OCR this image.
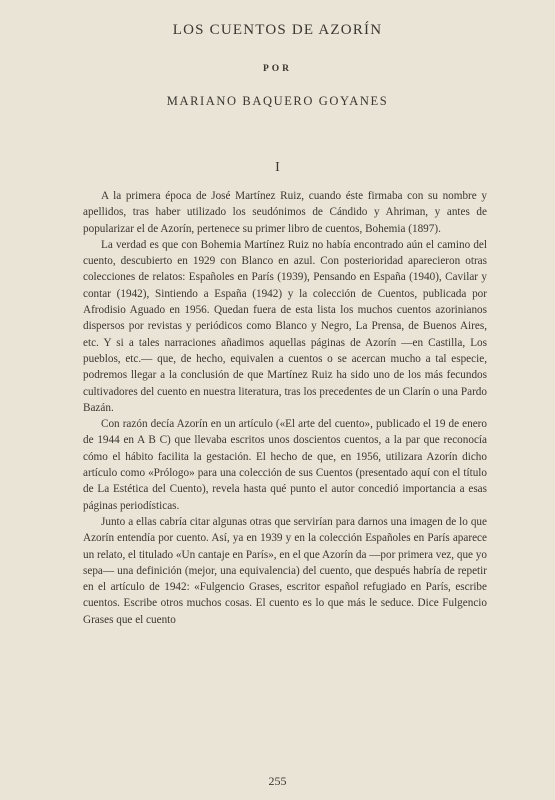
LOS CUENTOS DE AZORÍN
POR
MARIANO BAQUERO GOYANES
I

A la primera época de José Martínez Ruiz, cuando éste firmaba con su nombre y apellidos, tras haber utilizado los seudónimos de Cándido y Ahriman, y antes de popularizar el de Azorín, pertenece su primer libro de cuentos, Bohemia (1897).

La verdad es que con Bohemia Martínez Ruiz no había encontrado aún el camino del cuento, descubierto en 1929 con Blanco en azul. Con posterioridad aparecieron otras colecciones de relatos: Españoles en París (1939), Pensando en España (1940), Cavilar y contar (1942), Sintiendo a España (1942) y la colección de Cuentos, publicada por Afrodisio Aguado en 1956. Quedan fuera de esta lista los muchos cuentos azorinianos dispersos por revistas y periódicos como Blanco y Negro, La Prensa, de Buenos Aires, etc. Y si a tales narraciones añadimos aquellas páginas de Azorín —en Castilla, Los pueblos, etc.— que, de hecho, equivalen a cuentos o se acercan mucho a tal especie, podremos llegar a la conclusión de que Martínez Ruiz ha sido uno de los más fecundos cultivadores del cuento en nuestra literatura, tras los precedentes de un Clarín o una Pardo Bazán.

Con razón decía Azorín en un artículo («El arte del cuento», publicado el 19 de enero de 1944 en A B C) que llevaba escritos unos doscientos cuentos, a la par que reconocía cómo el hábito facilita la gestación. El hecho de que, en 1956, utilizara Azorín dicho artículo como «Prólogo» para una colección de sus Cuentos (presentado aquí con el título de La Estética del Cuento), revela hasta qué punto el autor concedió importancia a esas páginas periodísticas.

Junto a ellas cabría citar algunas otras que servirían para darnos una imagen de lo que Azorín entendía por cuento. Así, ya en 1939 y en la colección Españoles en París aparece un relato, el titulado «Un cantaje en París», en el que Azorín da —por primera vez, que yo sepa— una definición (mejor, una equivalencia) del cuento, que después habría de repetir en el artículo de 1942: «Fulgencio Grases, escritor español refugiado en París, escribe cuentos. Escribe otros muchos cosas. El cuento es lo que más le seduce. Dice Fulgencio Grases que el cuento

255
